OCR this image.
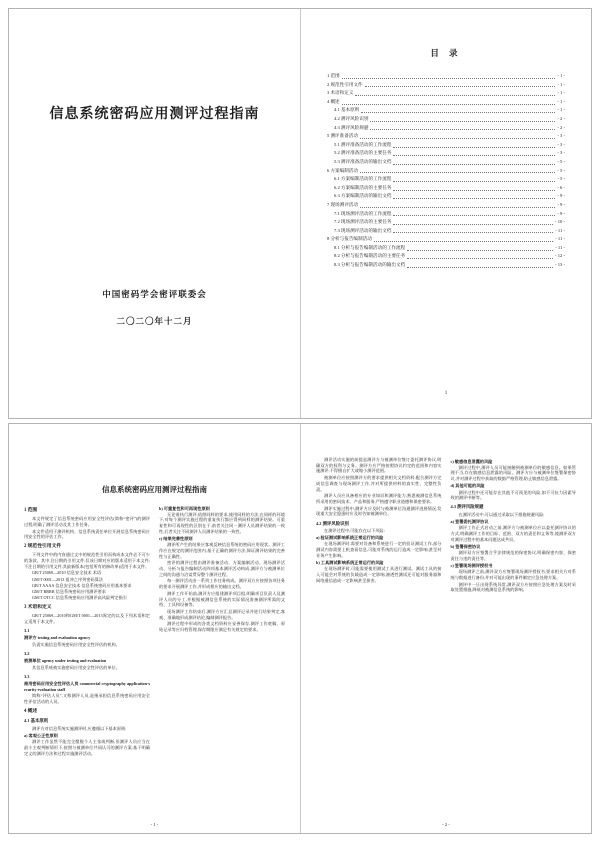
信息系统密码应用测评过程指南
中国密码学会密评联委会
二〇二〇年十二月
目 录
1 范围	- 1 -
2 规范性引用文件	- 1 -
3 术语和定义	- 1 -
4 概述	- 1 -
4.1 基本原则	- 1 -
4.2 测评风险识别	- 2 -
4.3 测评风险规避	- 2 -
5 测评准备活动	- 3 -
5.1 测评准备活动的工作流程	- 3 -
5.2 测评准备活动的主要任务	- 3 -
5.3 测评准备活动的输出文档	- 5 -
6 方案编制活动	- 5 -
6.1 方案编制活动的工作流程	- 5 -
6.2 方案编制活动的主要任务	- 6 -
6.3 方案编制活动的输出文档	- 9 -
7 现场测评活动	- 9 -
7.1 现场测评活动的工作流程	- 9 -
7.2 现场测评活动的主要任务	- 10 -
7.3 现场测评活动的输出文档	- 11 -
8 分析与报告编制活动	- 11 -
8.1 分析与报告编制活动的工作流程	- 11 -
8.2 分析与报告编制活动的主要任务	- 12 -
8.3 分析与报告编制活动的输出文档	- 13 -
1
信息系统密码应用测评过程指南
1 范围
本文件规定了信息系统密码应用安全性评估(简称“密评”)的测评过程,明确了测评活动及其工作任务。
本文件适用于测评机构、信息系统责任单位开展信息系统密码应用安全性的评估工作。
2 规范性引用文件
下列文件中的内容通过文中的规范性引用而构成本文件必不可少的条款。其中,注日期的引用文件,仅该日期对应的版本适用于本文件;不注日期的引用文件,其最新版本(包括所有的修改单)适用于本文件。
GB/T 25069—2010 信息安全技术 术语
GM/T 0001—2013 祖冲之序列密码算法
GB/T AAAA 信息安全技术 信息系统密码应用基本要求
GM/T RRRR 信息系统密码应用测评要求
GM/T OTCC 信息系统密码应用测评高风险判定指引
3 术语和定义
GB/T 25069—2010和GM/T 0001—2013界定的以及下列术语和定义适用于本文件。
3.1
测评方 testing and evaluation agency
负责实施信息系统密码应用安全性评估的机构。
3.2
被测单位 agency under testing and evaluation
其信息系统被实施密码应用安全性评估的单位。
3.3
商用密码应用安全性评估人员 commercial cryptography application-security evaluation staff
简称“评估人员”,又称测评人员,是指承担信息系统密码应用安全性评估活动的人员。
4 概述
4.1 基本原则
测评方对信息系统实施测评时,应遵循以下基本原则:
a) 客观公正性原则
测评工作虽然不能完全摆脱个人主张或判断,但测评人员应当在最小主观判断情形下,按照与被测单位共同认可的测评方案,基于明确定义的测评方法和过程实施测评活动。
b) 可重复性和可再现性原则
无论谁执行测评,依照同样的要求,使用同样的方法,在同样的环境下,对每个测评实施过程的重复执行都应得到同样的测评结果。可重复性和可再现性的区别在于,前者关注同一测评人员测评结果的一致性,后者关注不同测评人员测评结果的一致性。
c) 结果完善性原则
测评所产生的结果应客观反映信息系统的密码应用现状。测评工作应在规定的测评范围内,基于正确的测评方法,保证测评结果的完善性与正确性。
密评的测评过程由测评准备活动、方案编制活动、现场测评活动、分析与报告编制活动四项基本测评活动构成,测评方与被测单位之间的沟通与洽谈贯穿整个测评过程。
每一测评活动由一系列工作任务构成。测评双方应按照各项任务的要求开展测评工作,并形成相应的输出文档。
测评工作开始前,测评方应组建测评项目组,明确项目负责人及测评人员的分工,并根据被测信息系统的实际情况准备测评所需的文档、工具和设备等。
现场测评工作结束后,测评方应汇总测评记录并进行结果判定,客观、准确地形成测评结论,编制测评报告。
测评过程中形成的各类文档资料应妥善保存,测评工作底稿、原始记录等应归档管理,保存期限应满足有关规定的要求。
- 1 -
测评活动实施的前提是测评方与被测单位签订委托测评协议,明确双方的权利与义务。测评方应严格按照协议约定的范围和内容实施测评,不得擅自扩大或缩小测评范围。
被测单位应按照测评方的要求提供相关文档资料,配合测评方完成信息调查与现场测评工作,并对所提供材料的真实性、完整性负责。
测评人员应具备相应的专业知识和测评能力,熟悉被测信息系统所采用的密码技术、产品和服务,严格遵守职业道德和保密要求。
测评实施过程中,测评方应及时与被测单位沟通测评进展情况,发现重大安全隐患时应及时告知被测单位。
4.2 测评风险识别
在测评过程中,可能存在以下风险:
a) 验证测试影响系统正常运行的风险
在现场测评时,需要对设备和系统进行一定的验证测试工作,部分测试内容需要上机查看信息,可能对系统的运行造成一定影响,甚至对业务产生影响。
b) 工具测试影响系统正常运行的风险
在现场测评时,可能需要使用测试工具进行测试。测试工具的接入可能会对系统的负载造成一定影响,渗透性测试还可能对服务器和网络通信造成一定影响甚至损害。
c) 敏感信息泄露的风险
测评过程中,测评人员可能接触到被测单位的敏感信息。如果管理不当,存在敏感信息泄露的风险。测评方应与被测单位签署保密协议,并对测评过程中获取的数据严格管理,防止敏感信息泄露。
d) 其他可能的风险
测评过程中还可能存在其他不可预见的风险,如不可抗力因素导致的测评中断等。
4.3 测评风险规避
在测评活动中,可以通过采取以下措施规避风险:
a) 签署委托测评协议
测评工作正式启动之前,测评方与被测单位应以委托测评协议的方式,明确测评工作的目标、范围、双方的责任和义务等,使测评双方对测评过程中的基本问题达成共识。
b) 签署保密协议
测评双方应签署合乎法律规范的保密协议,明确保密内容、保密责任与违约责任等。
c) 签署现场测评授权书
现场测评之前,测评双方应签署现场测评授权书,要求相关方对系统与数据进行备份,并对可能出现的事件制定应急处理方案。
测评中一旦出现系统异常,测评双方应按照应急处理方案及时采取处置措施,降低对被测信息系统的影响。
- 2 -
